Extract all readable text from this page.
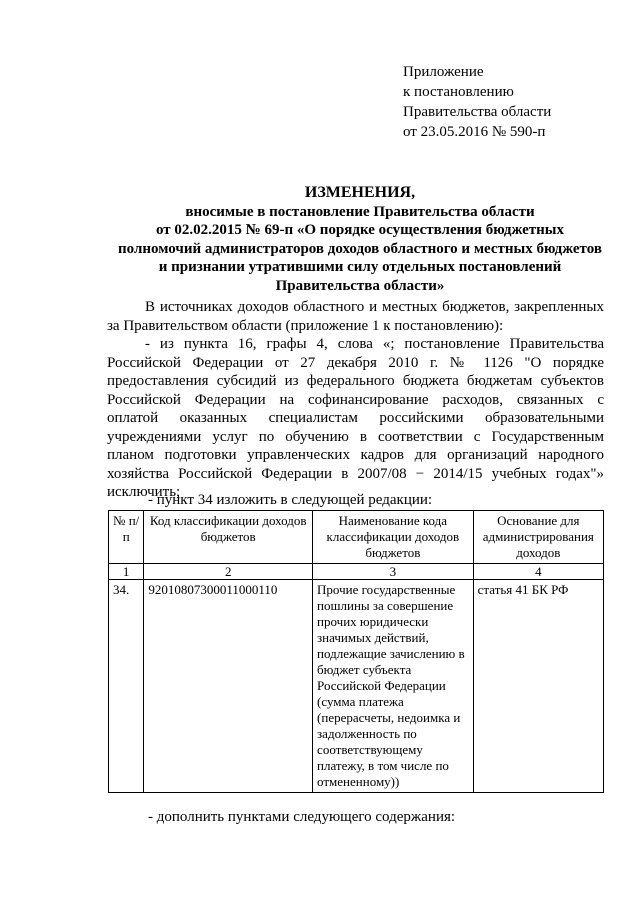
Приложение
к постановлению
Правительства области
от 23.05.2016 № 590-п
ИЗМЕНЕНИЯ,
вносимые в постановление Правительства области
от 02.02.2015 № 69-п «О порядке осуществления бюджетных
полномочий администраторов доходов областного и местных бюджетов
и признании утратившими силу отдельных постановлений
Правительства области»
В источниках доходов областного и местных бюджетов, закрепленных
за Правительством области (приложение 1 к постановлению):
- из пункта 16, графы 4, слова «; постановление Правительства
Российской Федерации от 27 декабря 2010 г. № 1126 "О порядке
предоставления субсидий из федерального бюджета бюджетам субъектов
Российской Федерации на софинансирование расходов, связанных с
оплатой оказанных специалистам российскими образовательными
учреждениями услуг по обучению в соответствии с Государственным
планом подготовки управленческих кадров для организаций народного
хозяйства Российской Федерации в 2007/08 − 2014/15 учебных годах"»
исключить;
- пункт 34 изложить в следующей редакции:
№ п/п	Код классификации доходов бюджетов	Наименование кода классификации доходов бюджетов	Основание для администрирования доходов
1	2	3	4
34.	92010807300011000110	Прочие государственные пошлины за совершение прочих юридически значимых действий, подлежащие зачислению в бюджет субъекта Российской Федерации (сумма платежа (перерасчеты, недоимка и задолженность по соответствующему платежу, в том числе по отмененному))	статья 41 БК РФ
- дополнить пунктами следующего содержания:
